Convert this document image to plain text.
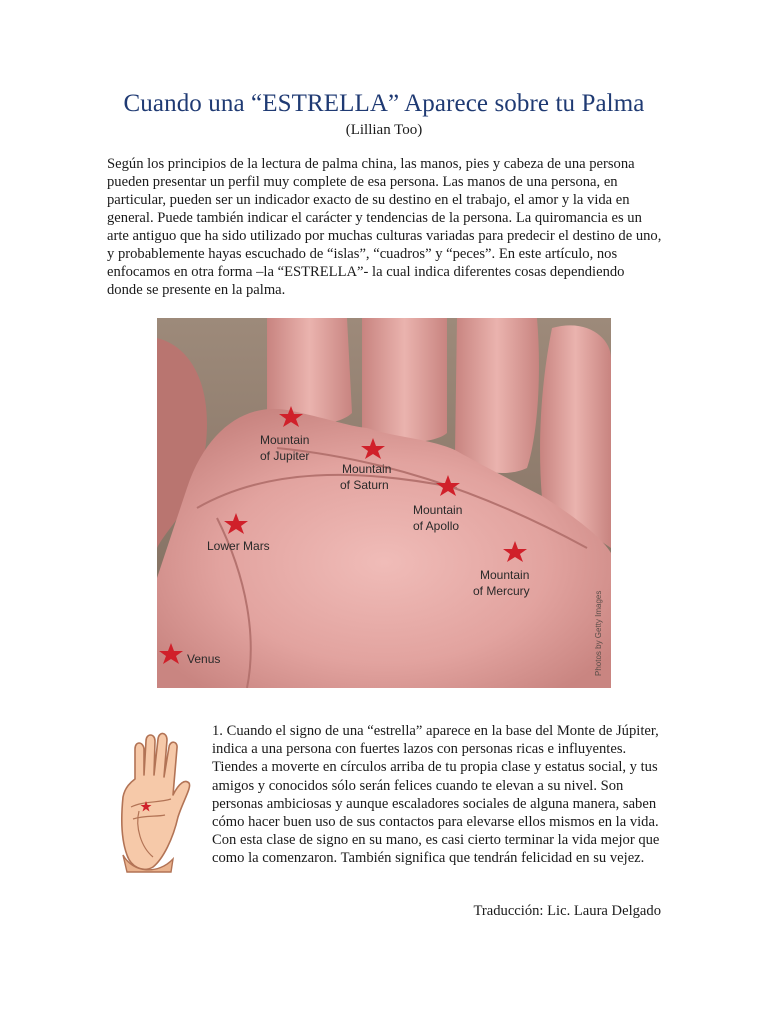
Cuando una “ESTRELLA” Aparece sobre tu Palma
(Lillian Too)

Según los principios de la lectura de palma china, las manos, pies y cabeza de una persona pueden presentar un perfil muy complete de esa persona. Las manos de una persona, en particular, pueden ser un indicador exacto de su destino en el trabajo, el amor y la vida en general. Puede también indicar el carácter y tendencias de la persona. La quiromancia es un arte antiguo que ha sido utilizado por muchas culturas variadas para predecir el destino de uno, y probablemente hayas escuchado de “islas”, “cuadros” y “peces”. En este artículo, nos enfocamos en otra forma –la “ESTRELLA”- la cual indica diferentes cosas dependiendo donde se presente en la palma.

Mountain
of Jupiter
Mountain
of Saturn
Mountain
of Apollo
Mountain
of Mercury
Lower Mars
Venus	Photos by Getty Images

1. Cuando el signo de una “estrella” aparece en la base del Monte de Júpiter, indica a una persona con fuertes lazos con personas ricas e influyentes. Tiendes a moverte en círculos arriba de tu propia clase y estatus social, y tus amigos y conocidos sólo serán felices cuando te elevan a su nivel. Son personas ambiciosas y aunque escaladores sociales de alguna manera, saben cómo hacer buen uso de sus contactos para elevarse ellos mismos en la vida. Con esta clase de signo en su mano, es casi cierto terminar la vida mejor que como la comenzaron. También significa que tendrán felicidad en su vejez.

Traducción: Lic. Laura Delgado
